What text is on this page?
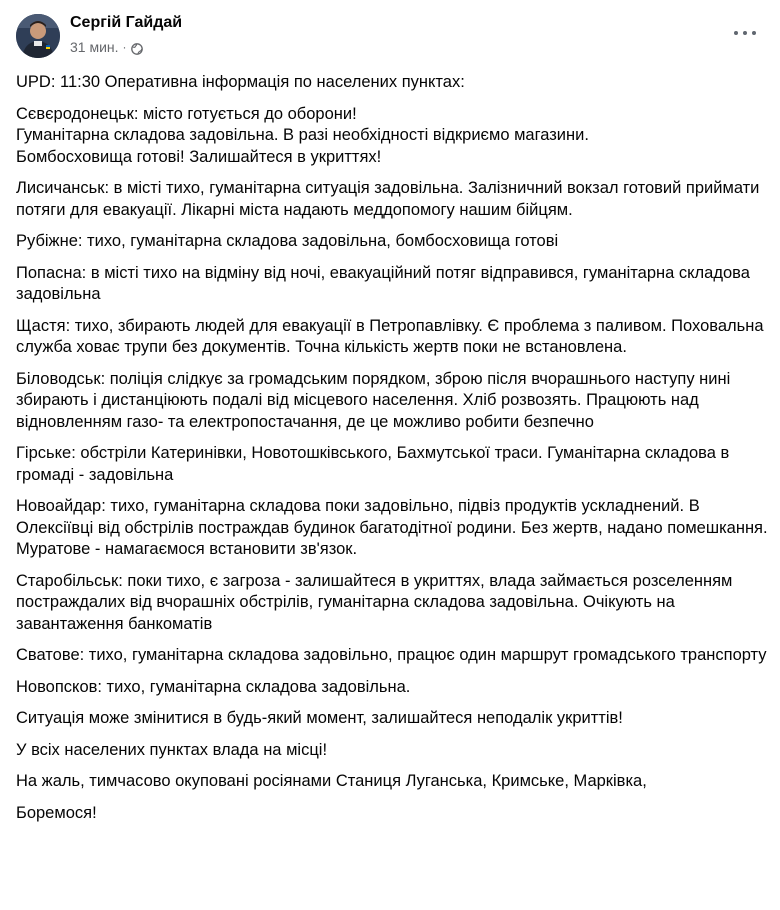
Сергій Гайдай
31 мин. ·

UPD: 11:30 Оперативна інформація по населених пунктах:

Сєвєродонецьк: місто готується до оборони!
Гуманітарна складова задовільна. В разі необхідності відкриємо магазини.
Бомбосховища готові! Залишайтеся в укриттях!

Лисичанськ: в місті тихо, гуманітарна ситуація задовільна. Залізничний вокзал готовий приймати потяги для евакуації. Лікарні міста надають меддопомогу нашим бійцям.

Рубіжне: тихо, гуманітарна складова задовільна, бомбосховища готові

Попасна: в місті тихо на відміну від ночі, евакуаційний потяг відправився, гуманітарна складова задовільна

Щастя: тихо, збирають людей для евакуації в Петропавлівку. Є проблема з паливом. Поховальна служба ховає трупи без документів. Точна кількість жертв поки не встановлена.

Біловодськ: поліція слідкує за громадським порядком, зброю після вчорашнього наступу нині збирають і дистанціюють подалі від місцевого населення. Хліб розвозять. Працюють над відновленням газо- та електропостачання, де це можливо робити безпечно

Гірське: обстріли Катеринівки, Новотошківського, Бахмутської траси. Гуманітарна складова в громаді - задовільна

Новоайдар: тихо, гуманітарна складова поки задовільно, підвіз продуктів ускладнений. В Олексіївці від обстрілів постраждав будинок багатодітної родини. Без жертв, надано помешкання.
Муратове - намагаємося встановити зв'язок.

Старобільськ: поки тихо, є загроза - залишайтеся в укриттях, влада займається розселенням постраждалих від вчорашніх обстрілів, гуманітарна складова задовільна. Очікують на завантаження банкоматів

Сватове: тихо, гуманітарна складова задовільно, працює один маршрут громадського транспорту

Новопсков: тихо, гуманітарна складова задовільна.

Ситуація може змінитися в будь-який момент, залишайтеся неподалік укриттів!

У всіх населених пунктах влада на місці!

На жаль, тимчасово окуповані росіянами Станиця Луганська, Кримське, Марківка,

Боремося!
